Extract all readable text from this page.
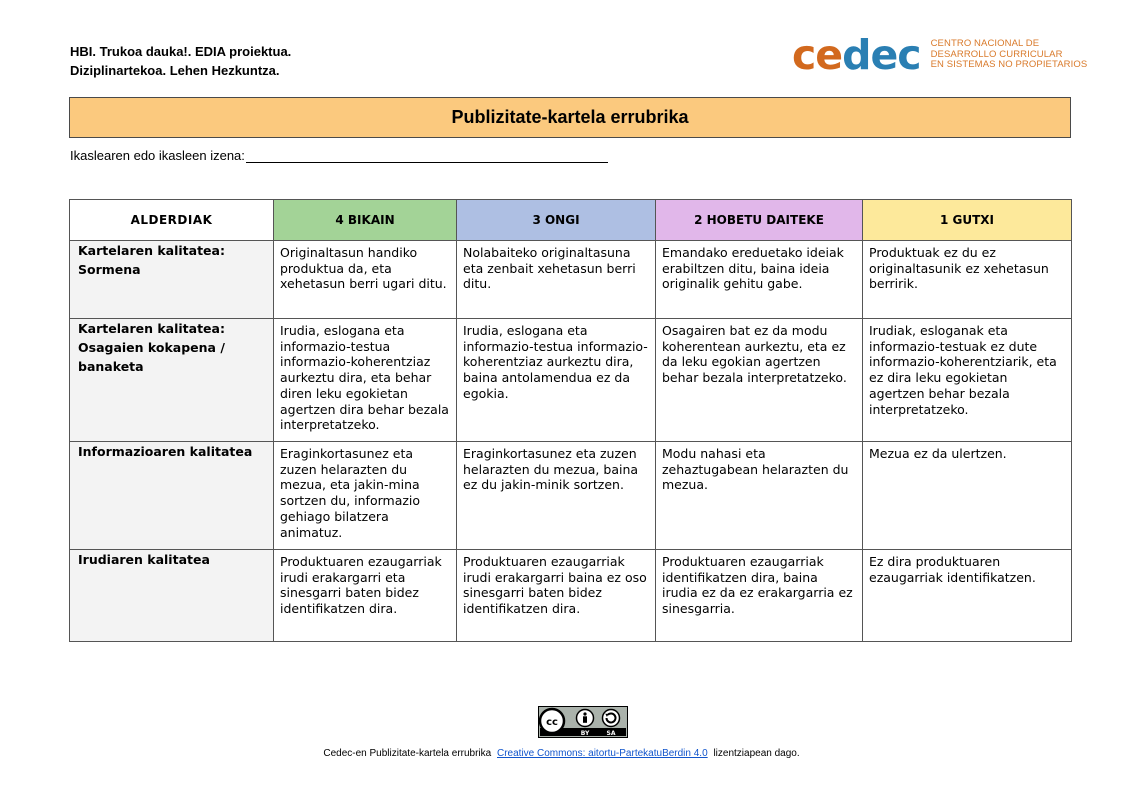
HBI. Trukoa dauka!. EDIA proiektua.
Diziplinartekoa. Lehen Hezkuntza.	cedec CENTRO NACIONAL DE
DESARROLLO CURRICULAR
EN SISTEMAS NO PROPIETARIOS
Publizitate-kartela errubrika
Ikaslearen edo ikasleen izena:
ALDERDIAK	4 BIKAIN	3 ONGI	2 HOBETU DAITEKE	1 GUTXI
Kartelaren kalitatea: Sormena	Originaltasun handiko produktua da, eta xehetasun berri ugari ditu.	Nolabaiteko originaltasuna eta zenbait xehetasun berri ditu.	Emandako ereduetako ideiak erabiltzen ditu, baina ideia originalik gehitu gabe.	Produktuak ez du ez originaltasunik ez xehetasun berririk.
Kartelaren kalitatea: Osagaien kokapena / banaketa	Irudia, eslogana eta informazio-testua informazio-koherentziaz aurkeztu dira, eta behar diren leku egokietan agertzen dira behar bezala interpretatzeko.	Irudia, eslogana eta informazio-testua informazio-koherentziaz aurkeztu dira, baina antolamendua ez da egokia.	Osagairen bat ez da modu koherentean aurkeztu, eta ez da leku egokian agertzen behar bezala interpretatzeko.	Irudiak, esloganak eta informazio-testuak ez dute informazio-koherentziarik, eta ez dira leku egokietan agertzen behar bezala interpretatzeko.
Informazioaren kalitatea	Eraginkortasunez eta zuzen helarazten du mezua, eta jakin-mina sortzen du, informazio gehiago bilatzera animatuz.	Eraginkortasunez eta zuzen helarazten du mezua, baina ez du jakin-minik sortzen.	Modu nahasi eta zehaztugabean helarazten du mezua.	Mezua ez da ulertzen.
Irudiaren kalitatea	Produktuaren ezaugarriak irudi erakargarri eta sinesgarri baten bidez identifikatzen dira.	Produktuaren ezaugarriak irudi erakargarri baina ez oso sinesgarri baten bidez identifikatzen dira.	Produktuaren ezaugarriak identifikatzen dira, baina irudia ez da ez erakargarria ez sinesgarria.	Ez dira produktuaren ezaugarriak identifikatzen.
cc
BY	SA
Cedec-en Publizitate-kartela errubrika Creative Commons: aitortu-PartekatuBerdin 4.0 lizentziapean dago.
